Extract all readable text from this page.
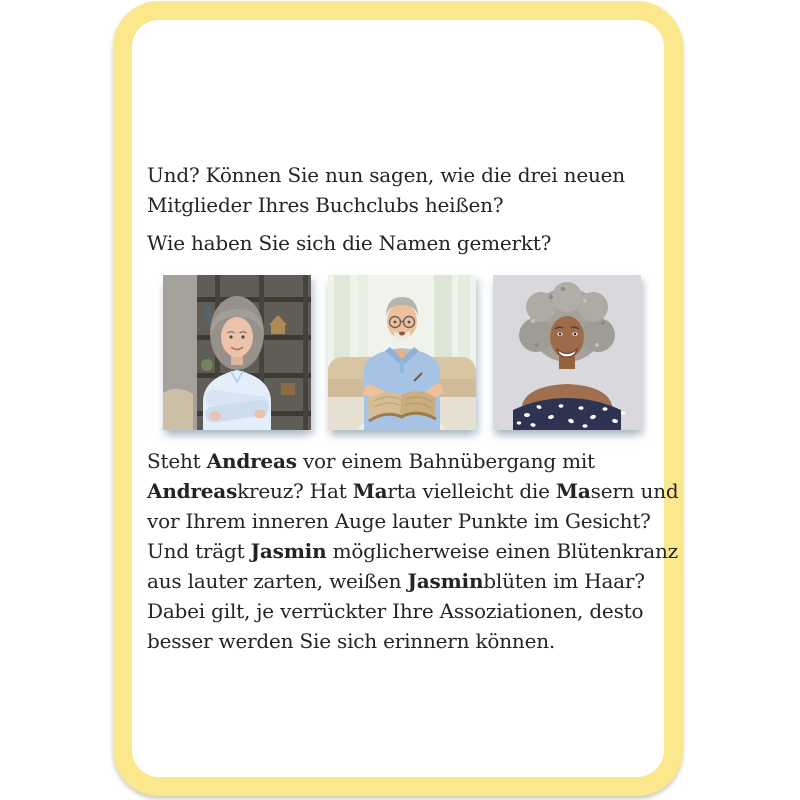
Und? Können Sie nun sagen, wie die drei neuen
Mitglieder Ihres Buchclubs heißen?
Wie haben Sie sich die Namen gemerkt?
Steht Andreas vor einem Bahnübergang mit
Andreaskreuz? Hat Marta vielleicht die Masern und
vor Ihrem inneren Auge lauter Punkte im Gesicht?
Und trägt Jasmin möglicherweise einen Blütenkranz
aus lauter zarten, weißen Jasminblüten im Haar?
Dabei gilt, je verrückter Ihre Assoziationen, desto
besser werden Sie sich erinnern können.
